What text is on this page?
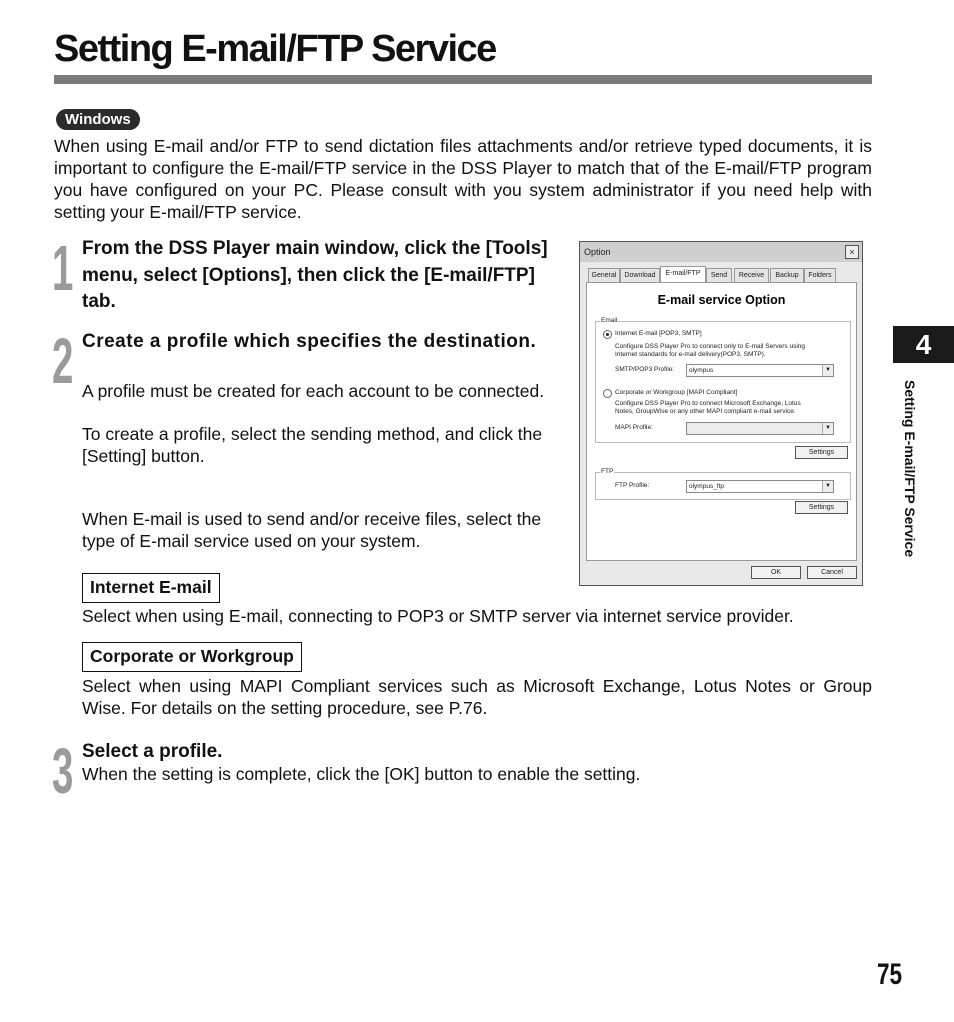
Setting E-mail/FTP Service
Windows

When using E-mail and/or FTP to send dictation files attachments and/or retrieve typed documents, it is important to configure the E-mail/FTP service in the DSS Player to match that of the E-mail/FTP program you have configured on your PC. Please consult with you system administrator if you need help with setting your E-mail/FTP service.

1 From the DSS Player main window, click the [Tools] menu, select [Options], then click the [E-mail/FTP] tab.

2 Create a profile which specifies the destination.

A profile must be created for each account to be connected.

To create a profile, select the sending method, and click the [Setting] button.

When E-mail is used to send and/or receive files, select the type of E-mail service used on your system.

Internet E-mail

Select when using E-mail, connecting to POP3 or SMTP server via internet service provider.

Corporate or Workgroup

Select when using MAPI Compliant services such as Microsoft Exchange, Lotus Notes or Group Wise. For details on the setting procedure, see P.76.

3 Select a profile.

When the setting is complete, click the [OK] button to enable the setting.

4
Setting E-mail/FTP Service
75
Option	×
General	Download	E-mail/FTP	Send	Receive	Backup	Folders
E-mail service Option
Email
Internet E-mail [POP3, SMTP]
Configure DSS Player Pro to connect only to E-mail Servers using
Internet standards for e-mail delivery(POP3, SMTP).
SMTP/POP3 Profile:	olympus	▼
Corporate or Workgroup [MAPI Compliant]
Configure DSS Player Pro to connect Microsoft Exchange, Lotus
Notes, GroupWise or any other MAPI compliant e-mail service.
MAPI Profile:	▼
Settings
FTP
FTP Profile:	olympus_ftp	▼
Settings
OK	Cancel
